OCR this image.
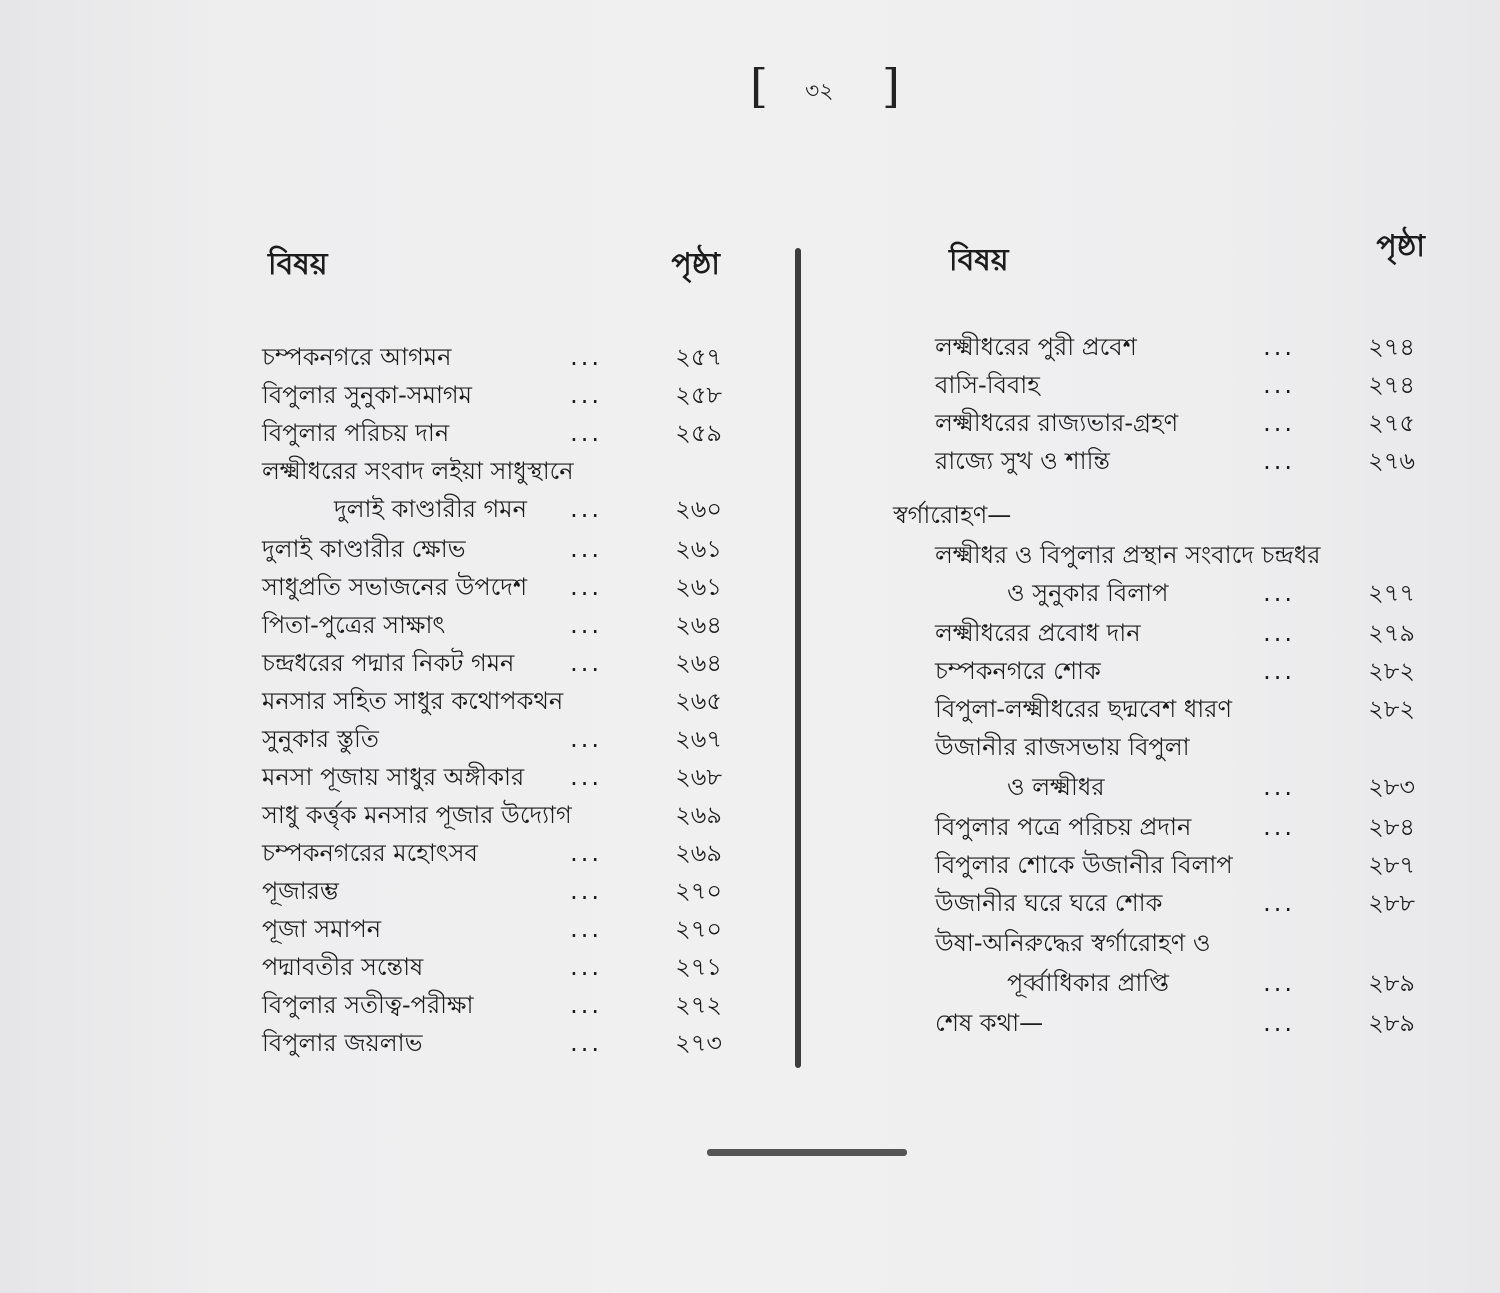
[ ৩২ ]
বিষয়	পৃষ্ঠা
চম্পকনগরে আগমন	...	২৫৭
বিপুলার সুনুকা-সমাগম	...	২৫৮
বিপুলার পরিচয় দান	...	২৫৯
লক্ষ্মীধরের সংবাদ লইয়া সাধুস্থানে
দুলাই কাণ্ডারীর গমন ...	২৬০
দুলাই কাণ্ডারীর ক্ষোভ	...	২৬১
সাধুপ্রতি সভাজনের উপদেশ ...	২৬১
পিতা-পুত্রের সাক্ষাৎ	...	২৬৪
চন্দ্রধরের পদ্মার নিকট গমন ...	২৬৪
মনসার সহিত সাধুর কথোপকথন	২৬৫
সুনুকার স্তুতি	...	২৬৭
মনসা পূজায় সাধুর অঙ্গীকার ...	২৬৮
সাধু কর্ত্তৃক মনসার পূজার উদ্যোগ	২৬৯
চম্পকনগরের মহোৎসব	...	২৬৯
পূজারম্ভ	...	২৭০
পূজা সমাপন	...	২৭০
পদ্মাবতীর সন্তোষ	...	২৭১
বিপুলার সতীত্ব-পরীক্ষা	...	২৭২
বিপুলার জয়লাভ	...	২৭৩
বিষয়	পৃষ্ঠা
লক্ষ্মীধরের পুরী প্রবেশ	...	২৭৪
বাসি-বিবাহ	...	২৭৪
লক্ষ্মীধরের রাজ্যভার-গ্রহণ	...	২৭৫
রাজ্যে সুখ ও শান্তি	...	২৭৬
স্বর্গারোহণ—
লক্ষ্মীধর ও বিপুলার প্রস্থান সংবাদে চন্দ্রধর
ও সুনুকার বিলাপ	...	২৭৭
লক্ষ্মীধরের প্রবোধ দান	...	২৭৯
চম্পকনগরে শোক	...	২৮২
বিপুলা-লক্ষ্মীধরের ছদ্মবেশ ধারণ	২৮২
উজানীর রাজসভায় বিপুলা
ও লক্ষ্মীধর	...	২৮৩
বিপুলার পত্রে পরিচয় প্রদান	...	২৮৪
বিপুলার শোকে উজানীর বিলাপ	২৮৭
উজানীর ঘরে ঘরে শোক	...	২৮৮
উষা-অনিরুদ্ধের স্বর্গারোহণ ও
পূর্ব্বাধিকার প্রাপ্তি	...	২৮৯
শেষ কথা—	...	২৮৯
